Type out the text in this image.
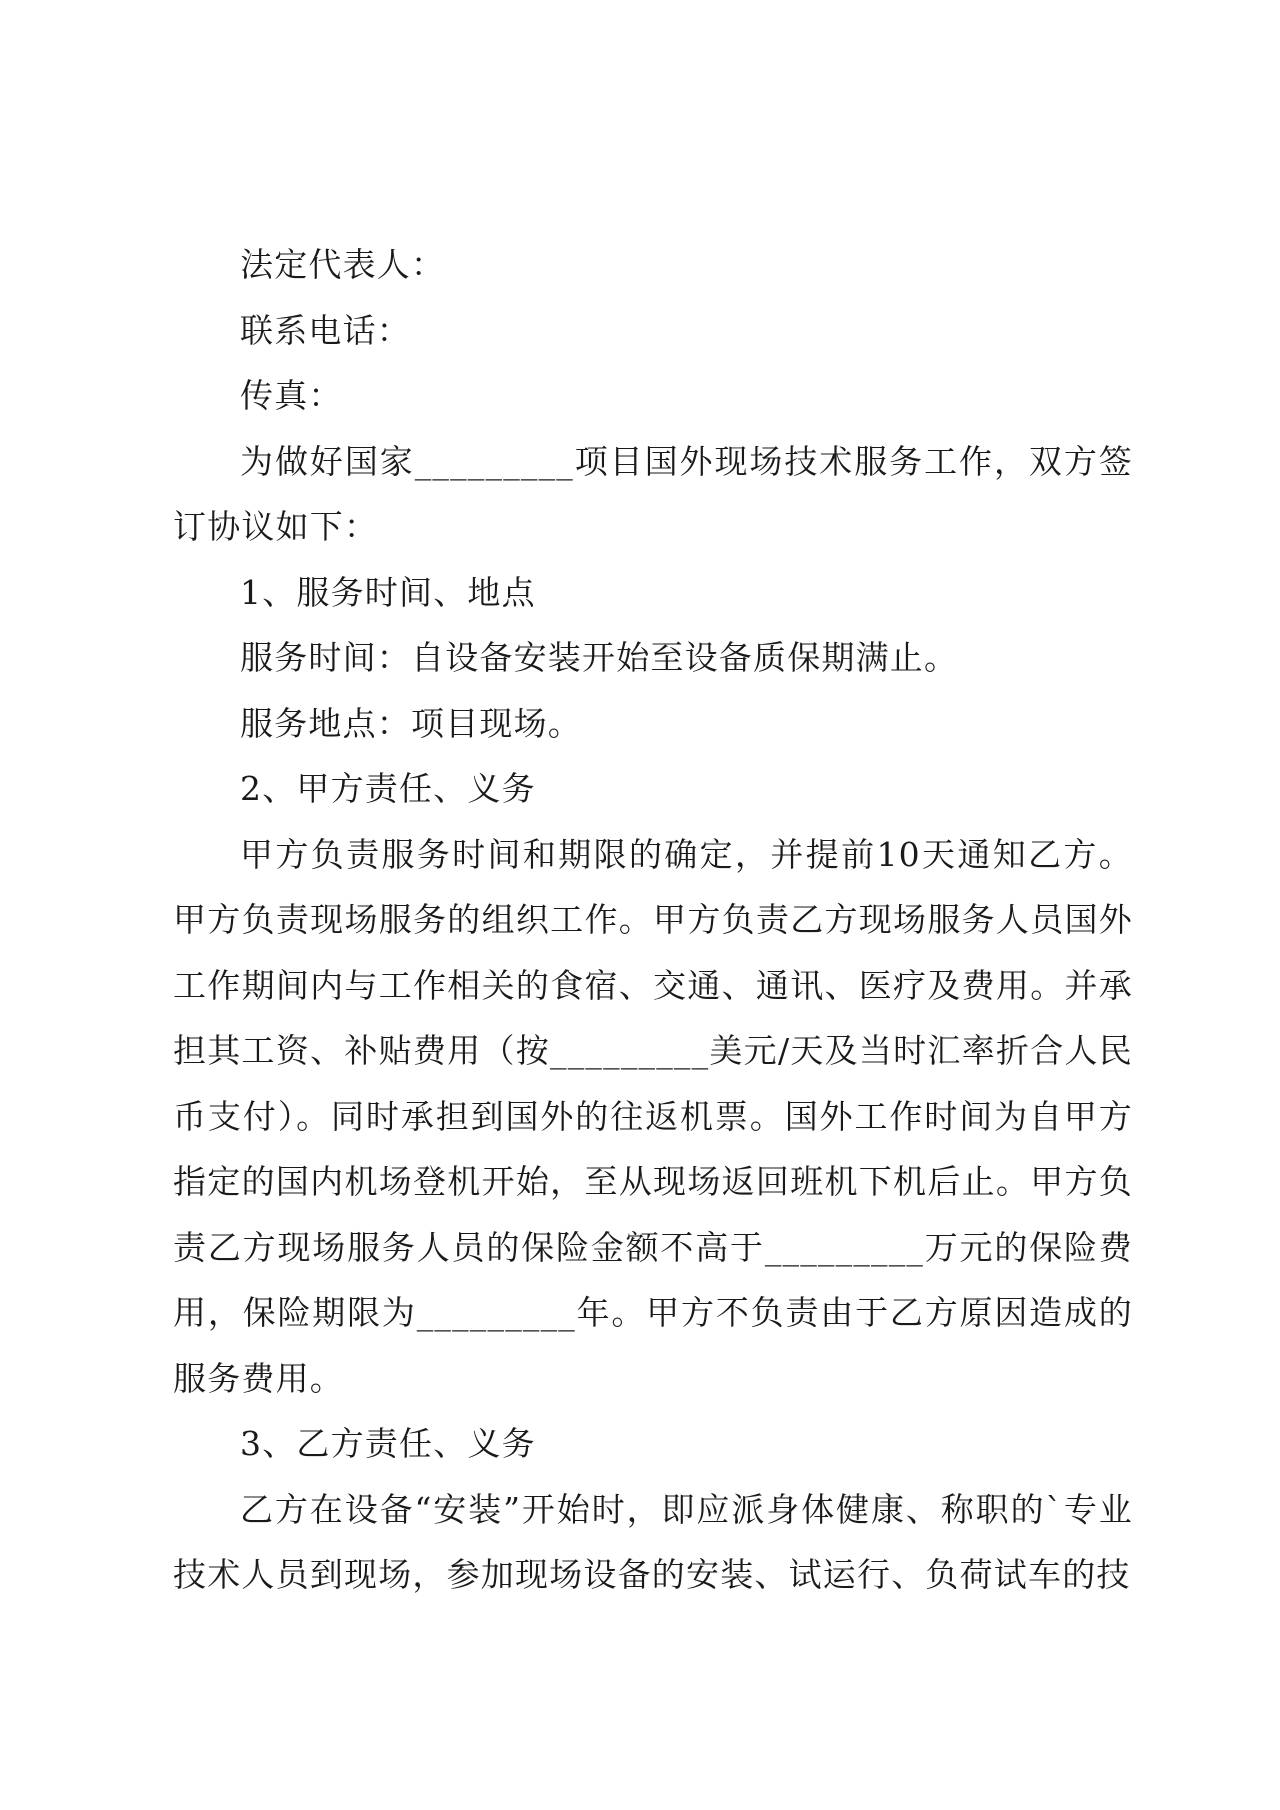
法定代表人：

联系电话：

传真：

为做好国家_________项目国外现场技术服务工作，双方签订协议如下：

1、服务时间、地点

服务时间：自设备安装开始至设备质保期满止。

服务地点：项目现场。

2、甲方责任、义务

甲方负责服务时间和期限的确定，并提前10天通知乙方。甲方负责现场服务的组织工作。甲方负责乙方现场服务人员国外工作期间内与工作相关的食宿、交通、通讯、医疗及费用。并承担其工资、补贴费用（按_________美元/天及当时汇率折合人民币支付）。同时承担到国外的往返机票。国外工作时间为自甲方指定的国内机场登机开始，至从现场返回班机下机后止。甲方负责乙方现场服务人员的保险金额不高于_________万元的保险费用，保险期限为_________年。甲方不负责由于乙方原因造成的服务费用。

3、乙方责任、义务

乙方在设备“安装”开始时，即应派身体健康、称职的`专业技术人员到现场，参加现场设备的安装、试运行、负荷试车的技
